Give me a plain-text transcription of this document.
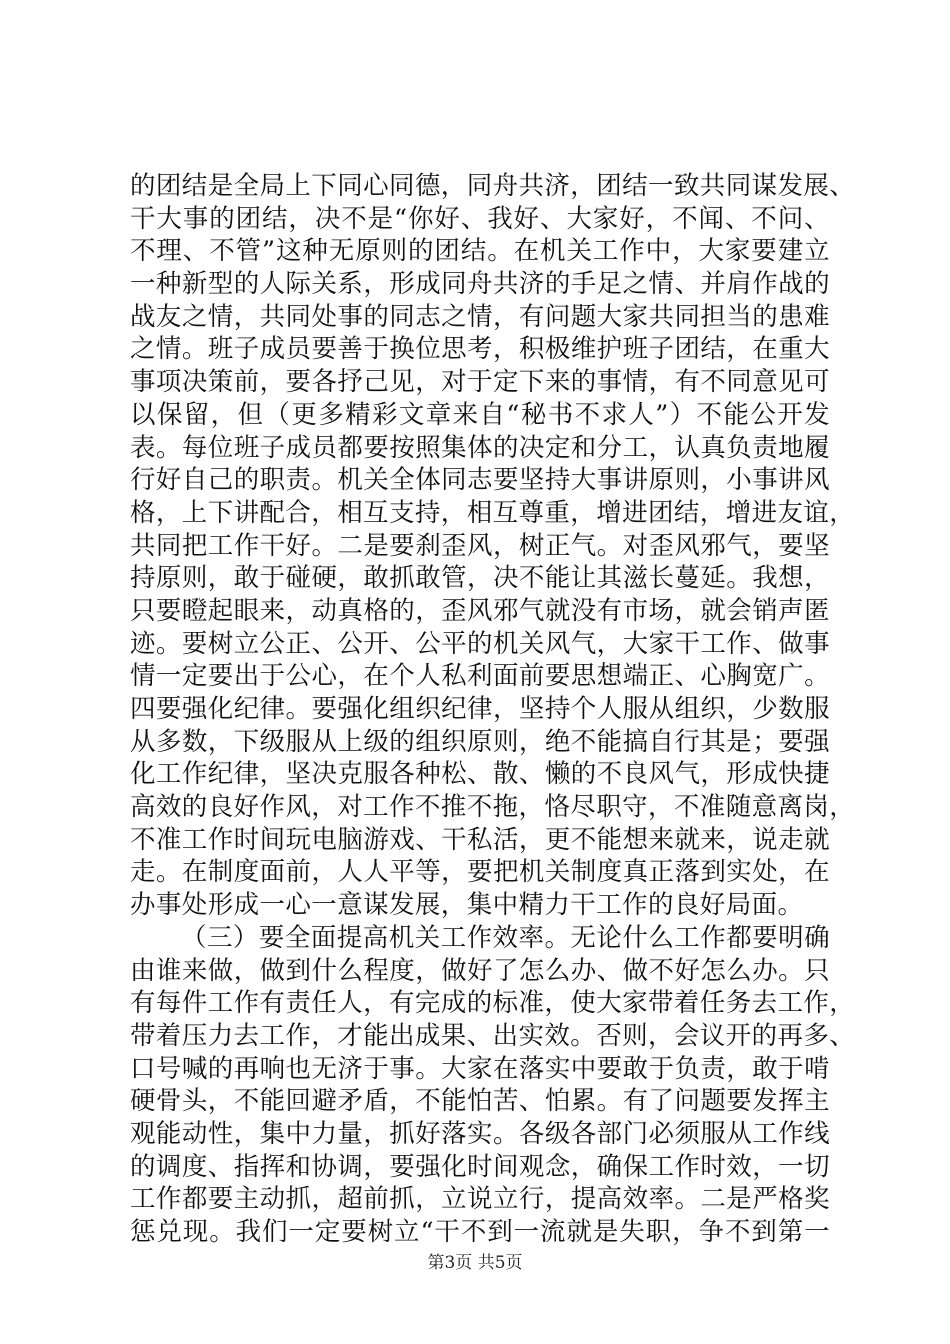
的团结是全局上下同心同德，同舟共济，团结一致共同谋发展、
干大事的团结，决不是“你好、我好、大家好，不闻、不问、
不理、不管”这种无原则的团结。在机关工作中，大家要建立
一种新型的人际关系，形成同舟共济的手足之情、并肩作战的
战友之情，共同处事的同志之情，有问题大家共同担当的患难
之情。班子成员要善于换位思考，积极维护班子团结，在重大
事项决策前，要各抒己见，对于定下来的事情，有不同意见可
以保留，但（更多精彩文章来自“秘书不求人”）不能公开发
表。每位班子成员都要按照集体的决定和分工，认真负责地履
行好自己的职责。机关全体同志要坚持大事讲原则，小事讲风
格，上下讲配合，相互支持，相互尊重，增进团结，增进友谊，
共同把工作干好。二是要刹歪风，树正气。对歪风邪气，要坚
持原则，敢于碰硬，敢抓敢管，决不能让其滋长蔓延。我想，
只要瞪起眼来，动真格的，歪风邪气就没有市场，就会销声匿
迹。要树立公正、公开、公平的机关风气，大家干工作、做事
情一定要出于公心，在个人私利面前要思想端正、心胸宽广。
四要强化纪律。要强化组织纪律，坚持个人服从组织，少数服
从多数，下级服从上级的组织原则，绝不能搞自行其是；要强
化工作纪律，坚决克服各种松、散、懒的不良风气，形成快捷
高效的良好作风，对工作不推不拖，恪尽职守，不准随意离岗，
不准工作时间玩电脑游戏、干私活，更不能想来就来，说走就
走。在制度面前，人人平等，要把机关制度真正落到实处，在
办事处形成一心一意谋发展，集中精力干工作的良好局面。
（三）要全面提高机关工作效率。无论什么工作都要明确
由谁来做，做到什么程度，做好了怎么办、做不好怎么办。只
有每件工作有责任人，有完成的标准，使大家带着任务去工作，
带着压力去工作，才能出成果、出实效。否则，会议开的再多、
口号喊的再响也无济于事。大家在落实中要敢于负责，敢于啃
硬骨头，不能回避矛盾，不能怕苦、怕累。有了问题要发挥主
观能动性，集中力量，抓好落实。各级各部门必须服从工作线
的调度、指挥和协调，要强化时间观念，确保工作时效，一切
工作都要主动抓，超前抓，立说立行，提高效率。二是严格奖
惩兑现。我们一定要树立“干不到一流就是失职，争不到第一
第3页 共5页
